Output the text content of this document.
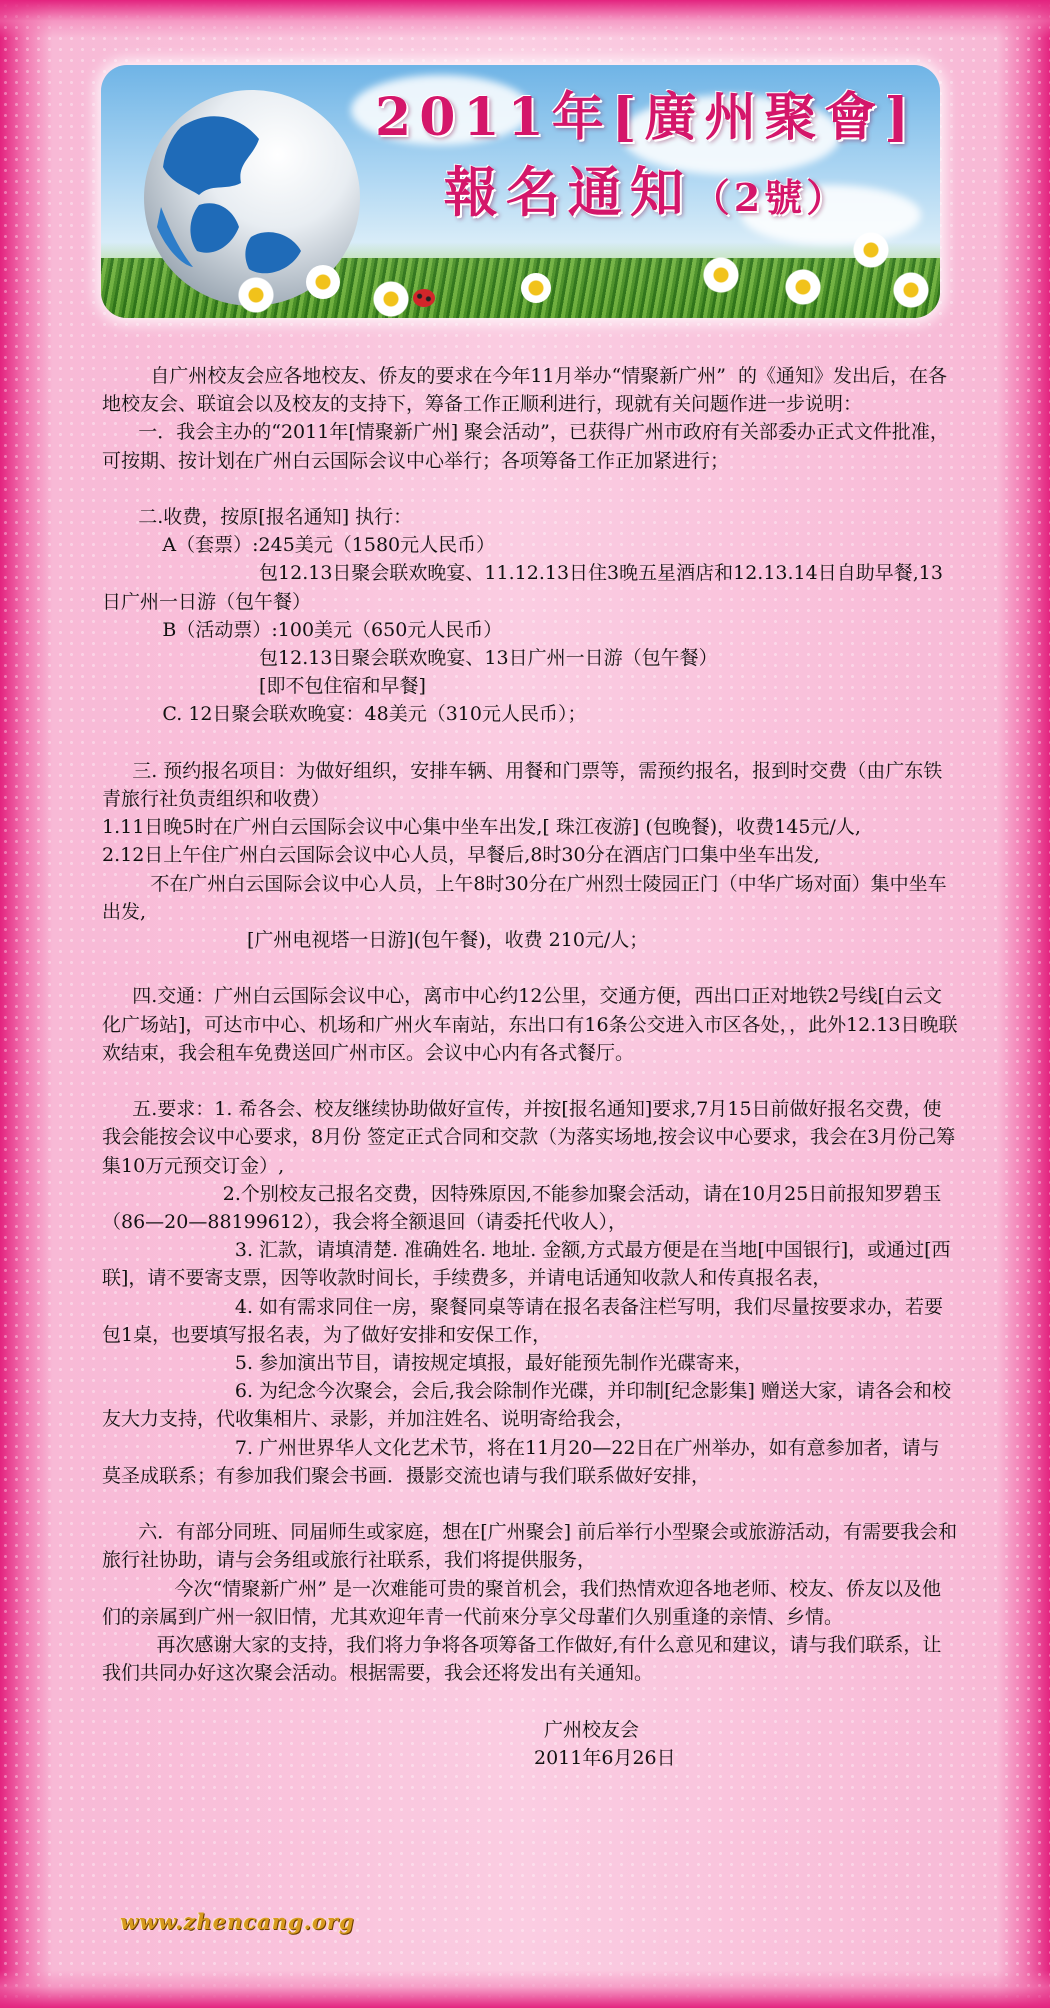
2011年[廣州聚會]
報名通知（2號）

自广州校友会应各地校友、侨友的要求在今年11月举办“情聚新广州”  的《通知》发出后，在各地校友会、联谊会以及校友的支持下，筹备工作正顺利进行，现就有关问题作进一步说明：

一．我会主办的“2011年[情聚新广州] 聚会活动”，已获得广州市政府有关部委办正式文件批准，可按期、按计划在广州白云国际会议中心举行；各项筹备工作正加紧进行；

二.收费，按原[报名通知] 执行：

A（套票）:245美元（1580元人民币）

包12.13日聚会联欢晚宴、11.12.13日住3晚五星酒店和12.13.14日自助早餐,13日广州一日游（包午餐）

B（活动票）:100美元（650元人民币）

包12.13日聚会联欢晚宴、13日广州一日游（包午餐）

[即不包住宿和早餐]

C. 12日聚会联欢晚宴：48美元（310元人民币）；

三. 预约报名项目：为做好组织，安排车辆、用餐和门票等，需预约报名，报到时交费（由广东铁青旅行社负责组织和收费）

1.11日晚5时在广州白云国际会议中心集中坐车出发,[ 珠江夜游] (包晚餐)，收费145元/人,

2.12日上午住广州白云国际会议中心人员，早餐后,8时30分在酒店门口集中坐车出发,

不在广州白云国际会议中心人员，上午8时30分在广州烈士陵园正门（中华广场对面）集中坐车出发,

[广州电视塔一日游](包午餐)，收费 210元/人；

四.交通：广州白云国际会议中心，离市中心约12公里，交通方便，西出口正对地铁2号线[白云文化广场站]，可达市中心、机场和广州火车南站，东出口有16条公交进入市区各处，，此外12.13日晚联欢结束，我会租车免费送回广州市区。会议中心内有各式餐厅。

五.要求：1. 希各会、校友继续协助做好宣传，并按[报名通知]要求,7月15日前做好报名交费，使我会能按会议中心要求，8月份 签定正式合同和交款（为落实场地,按会议中心要求，我会在3月份己筹集10万元预交订金）,

2.个别校友己报名交费，因特殊原因,不能参加聚会活动，请在10月25日前报知罗碧玉（86—20—88199612），我会将全额退回（请委托代收人），

3. 汇款，请填清楚. 准确姓名. 地址. 金额,方式最方便是在当地[中国银行]，或通过[西联]，请不要寄支票，因等收款时间长，手续费多，并请电话通知收款人和传真报名表，

4. 如有需求同住一房，聚餐同桌等请在报名表备注栏写明，我们尽量按要求办，若要包1桌，也要填写报名表，为了做好安排和安保工作，

5. 参加演出节目，请按规定填报，最好能预先制作光碟寄来，

6. 为纪念今次聚会，会后,我会除制作光碟，并印制[纪念影集] 赠送大家，请各会和校友大力支持，代收集相片、录影，并加注姓名、说明寄给我会，

7. 广州世界华人文化艺术节，将在11月20—22日在广州举办，如有意参加者，请与莫圣成联系；有参加我们聚会书画．摄影交流也请与我们联系做好安排，

六．有部分同班、同届师生或家庭，想在[广州聚会] 前后举行小型聚会或旅游活动，有需要我会和旅行社协助，请与会务组或旅行社联系，我们将提供服务，

今次“情聚新广州” 是一次难能可贵的聚首机会，我们热情欢迎各地老师、校友、侨友以及他们的亲属到广州一叙旧情，尤其欢迎年青一代前來分享父母輩们久别重逢的亲情、乡情。

再次感谢大家的支持，我们将力争将各项筹备工作做好,有什么意见和建议，请与我们联系，让我们共同办好这次聚会活动。根据需要，我会还将发出有关通知。

广州校友会

2011年6月26日

www.zhencang.org
